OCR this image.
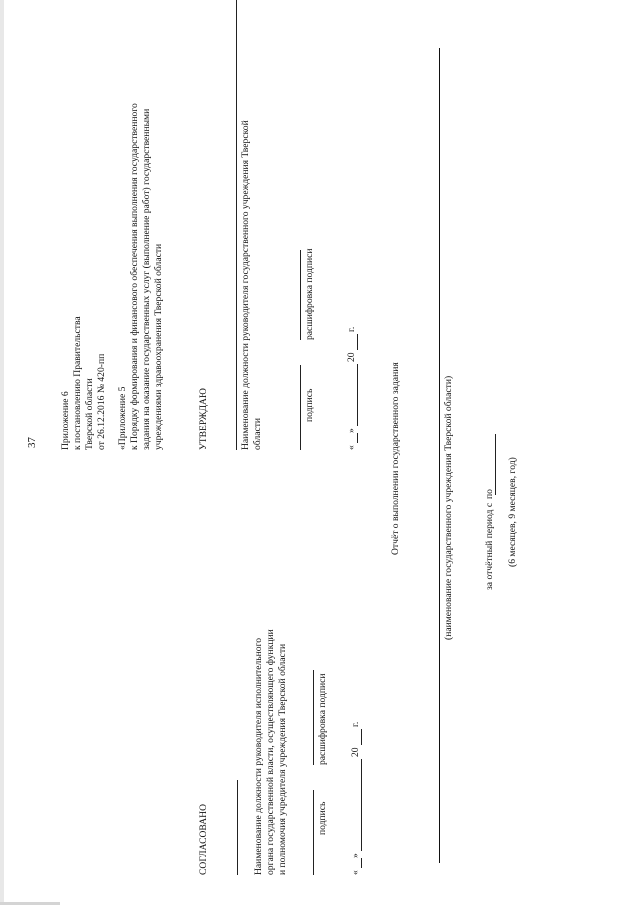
37 Приложение 6 к постановлению Правительства Тверской области от 26.12.2016 № 420-пп «Приложение 5 к Порядку формирования и финансового обеспечения выполнения государственного задания на оказание государственных услуг (выполнение работ) государственными учреждениями здравоохранения Тверской области	УТВЕРЖДАЮ	Наименование должности руководителя государственного учреждения Тверской области
подпись
расшифровка подписи
«
»
20
г.
Отчёт о выполнении государственного задания
СОГЛАСОВАНО	Наименование должности руководителя исполнительного органа государственной власти, осуществляющего функции и полномочия учредителя учреждения Тверской области	подпись
расшифровка подписи
«
»
20
г.
(наименование государственного учреждения Тверской области)	за отчётный период с
по (6 месяцев, 9 месяцев, год)
